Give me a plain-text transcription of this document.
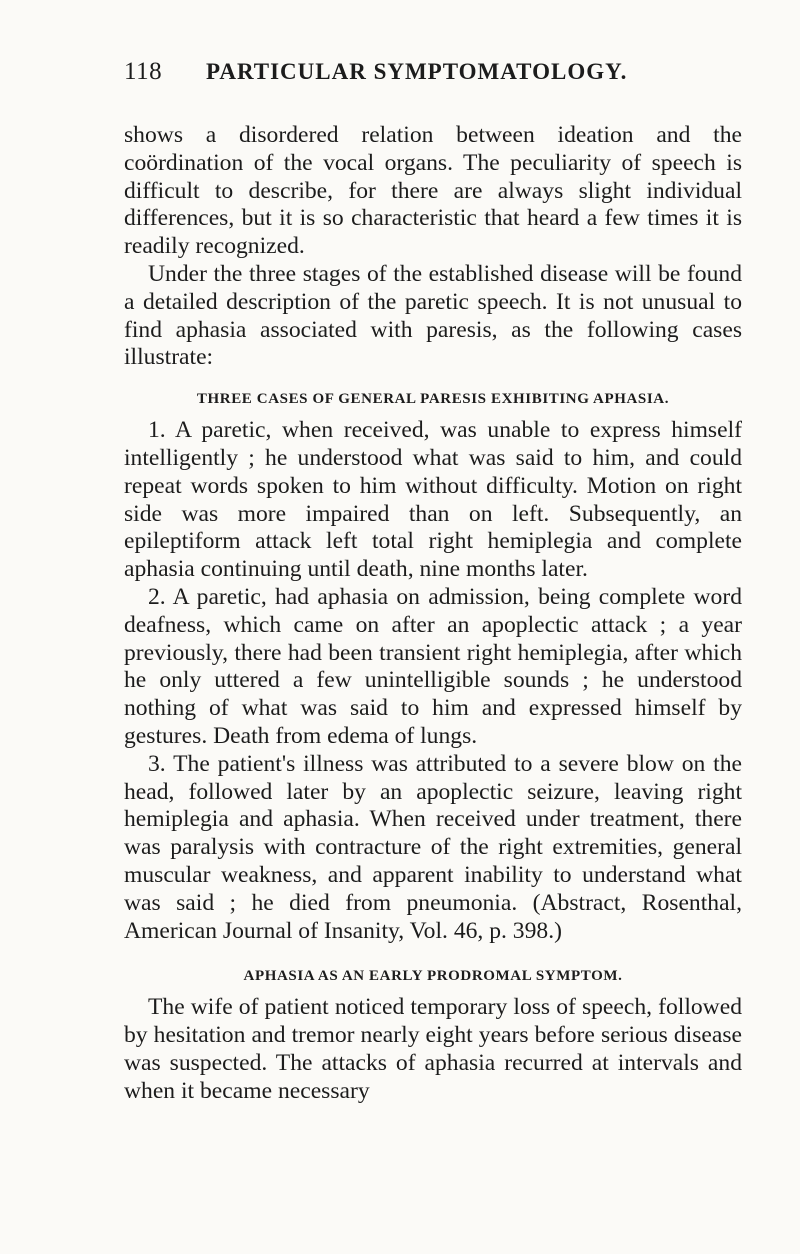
118	PARTICULAR SYMPTOMATOLOGY.

shows a disordered relation between ideation and the coördination of the vocal organs. The peculiarity of speech is difficult to describe, for there are always slight individual differences, but it is so characteristic that heard a few times it is readily recognized.

Under the three stages of the established disease will be found a detailed description of the paretic speech. It is not unusual to find aphasia associated with paresis, as the following cases illustrate:

THREE CASES OF GENERAL PARESIS EXHIBITING APHASIA.

1. A paretic, when received, was unable to express himself intelligently ; he understood what was said to him, and could repeat words spoken to him without difficulty. Motion on right side was more impaired than on left. Subsequently, an epileptiform attack left total right hemiplegia and complete aphasia continuing until death, nine months later.

2. A paretic, had aphasia on admission, being complete word deafness, which came on after an apoplectic attack ; a year previously, there had been transient right hemiplegia, after which he only uttered a few unintelligible sounds ; he understood nothing of what was said to him and expressed himself by gestures. Death from edema of lungs.

3. The patient's illness was attributed to a severe blow on the head, followed later by an apoplectic seizure, leaving right hemiplegia and aphasia. When received under treatment, there was paralysis with contracture of the right extremities, general muscular weakness, and apparent inability to understand what was said ; he died from pneumonia. (Abstract, Rosenthal, American Journal of Insanity, Vol. 46, p. 398.)

APHASIA AS AN EARLY PRODROMAL SYMPTOM.

The wife of patient noticed temporary loss of speech, followed by hesitation and tremor nearly eight years before serious disease was suspected. The attacks of aphasia recurred at intervals and when it became necessary
